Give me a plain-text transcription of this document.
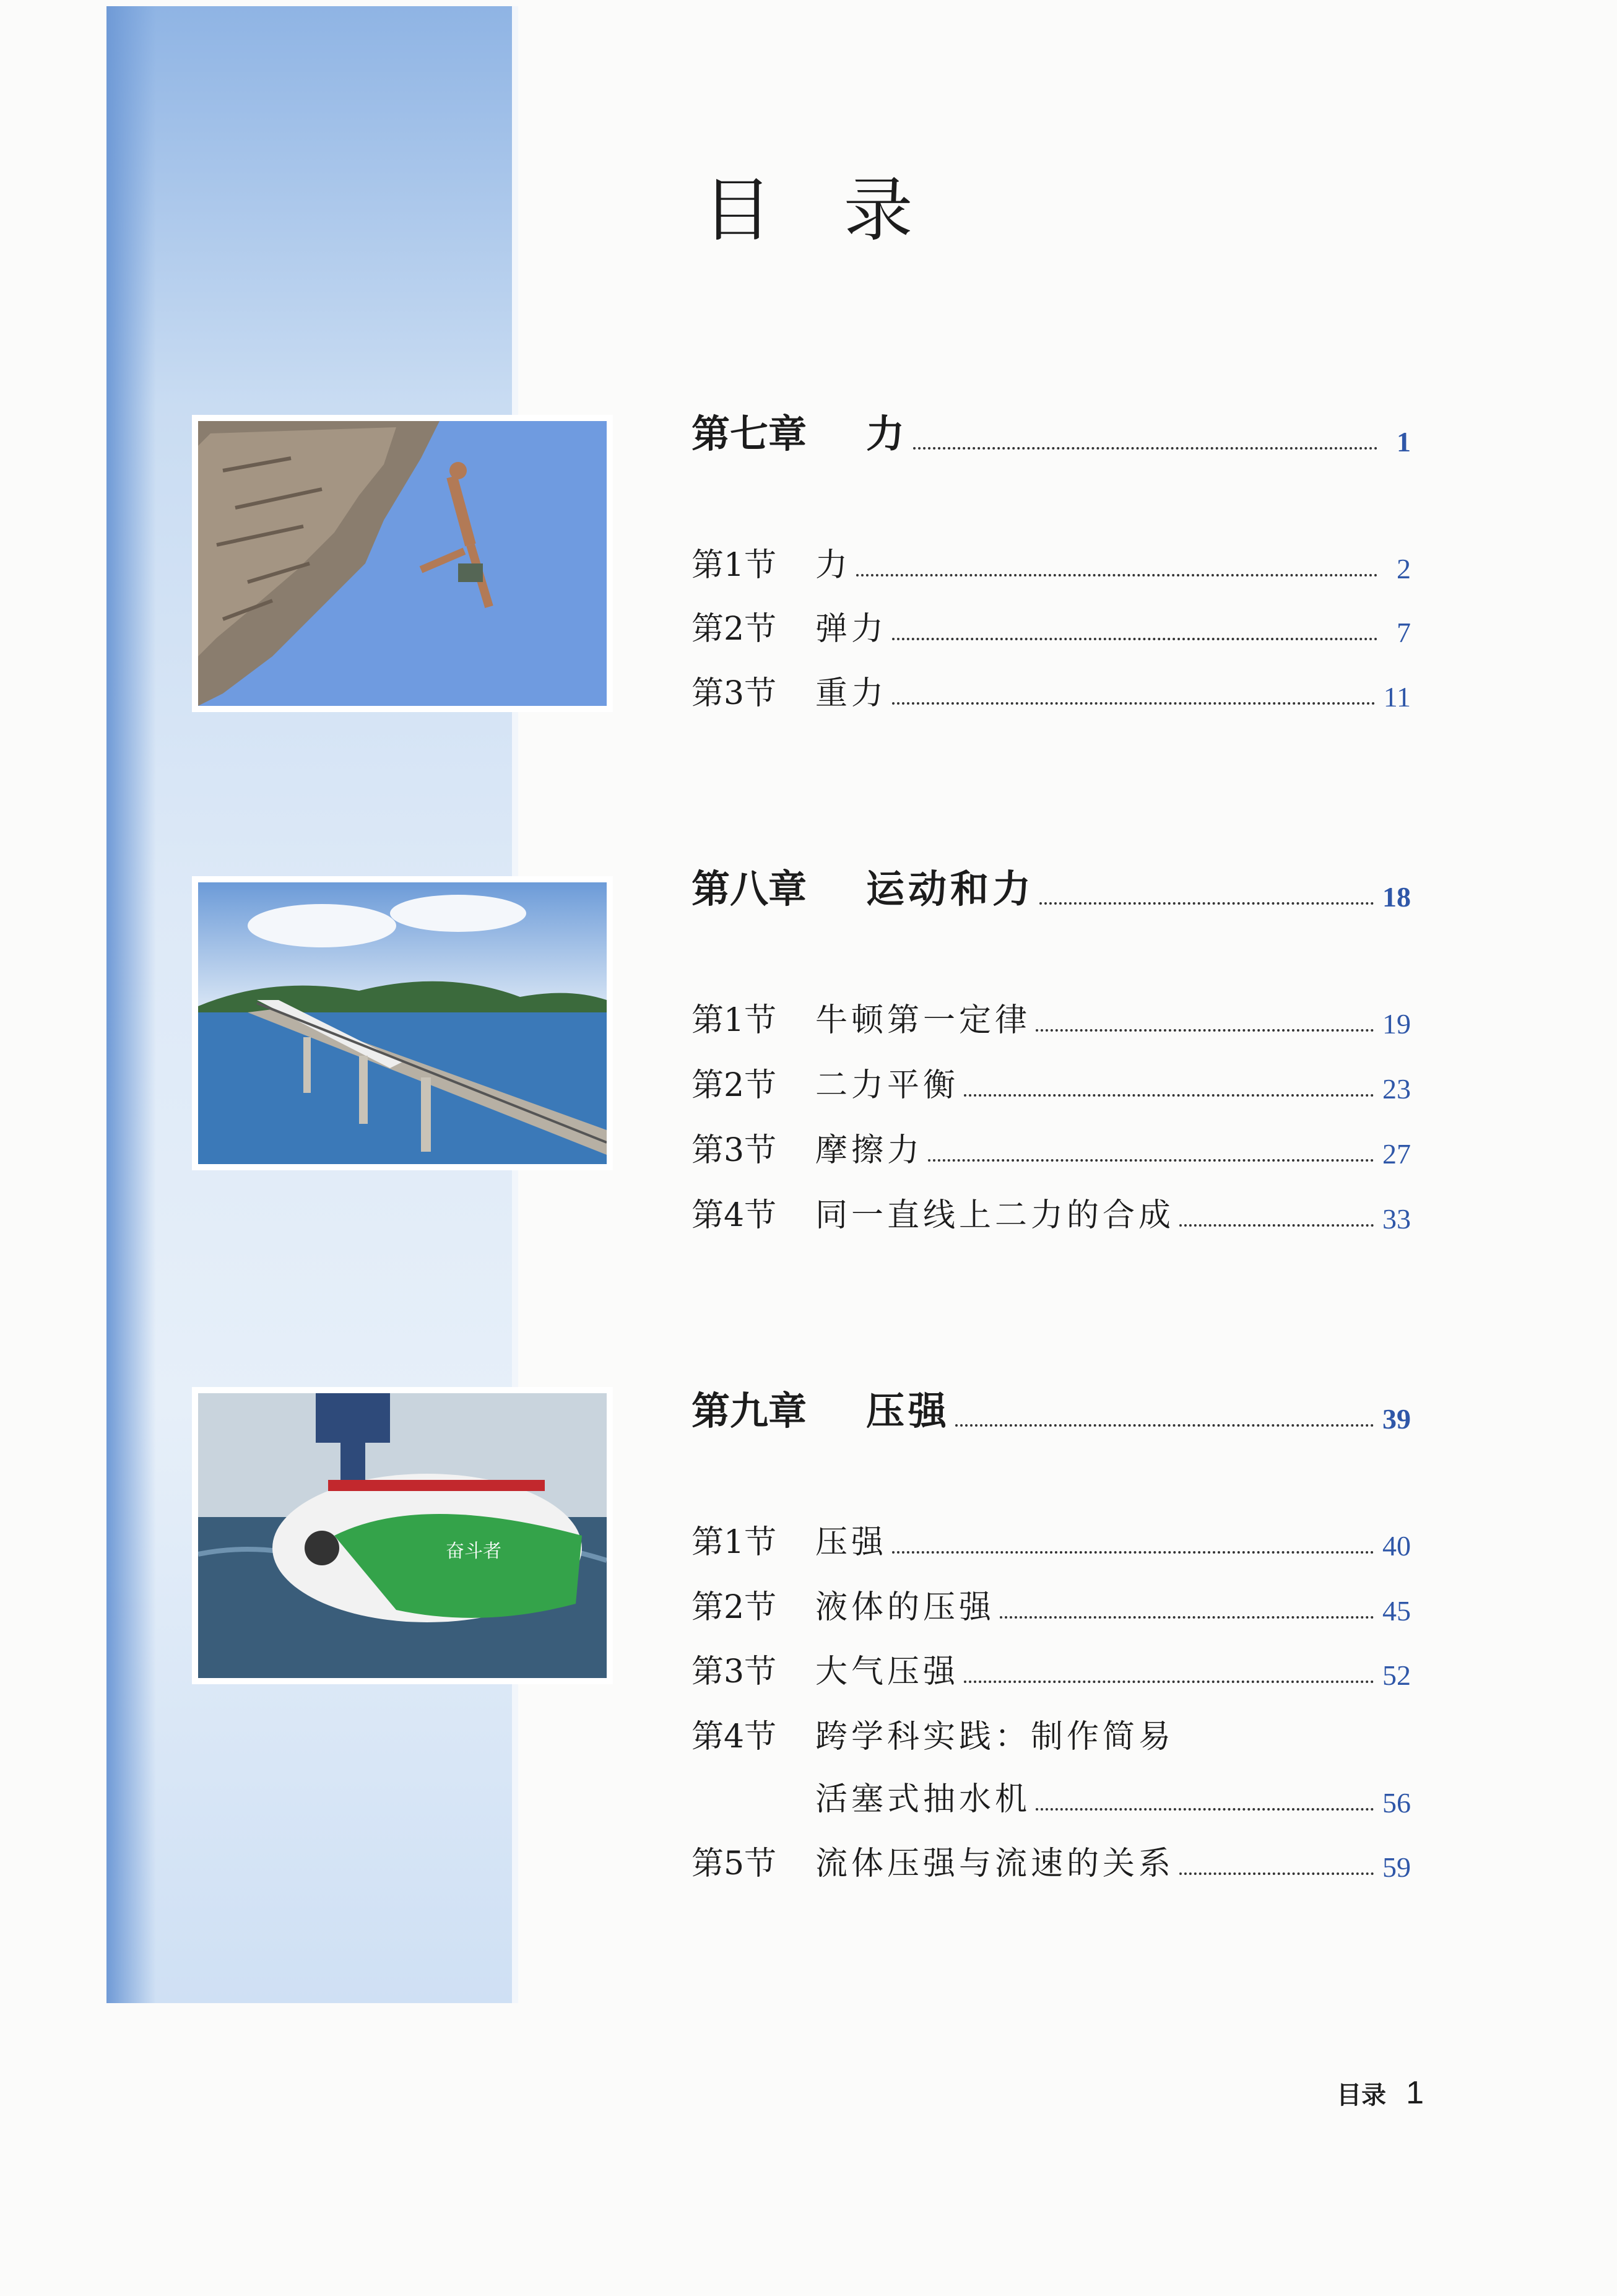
奋斗者
目 录
第七章	力	1
第1节	力	2
第2节	弹力	7
第3节	重力	11
第八章	运动和力	18
第1节	牛顿第一定律	19
第2节	二力平衡	23
第3节	摩擦力	27
第4节	同一直线上二力的合成	33
第九章	压强	39
第1节	压强	40
第2节	液体的压强	45
第3节	大气压强	52
第4节	跨学科实践：制作简易
活塞式抽水机	56
第5节	流体压强与流速的关系	59
目录 1
